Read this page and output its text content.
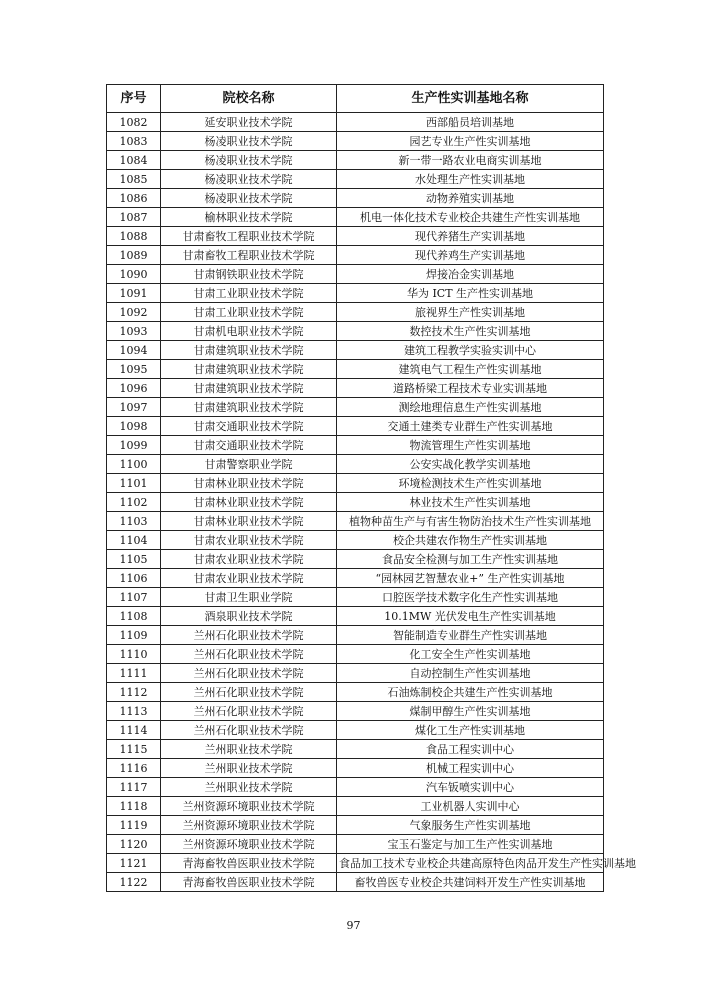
序号	院校名称	生产性实训基地名称
1082	延安职业技术学院	西部船员培训基地
1083	杨凌职业技术学院	园艺专业生产性实训基地
1084	杨凌职业技术学院	新一带一路农业电商实训基地
1085	杨凌职业技术学院	水处理生产性实训基地
1086	杨凌职业技术学院	动物养殖实训基地
1087	榆林职业技术学院	机电一体化技术专业校企共建生产性实训基地
1088	甘肃畜牧工程职业技术学院	现代养猪生产实训基地
1089	甘肃畜牧工程职业技术学院	现代养鸡生产实训基地
1090	甘肃钢铁职业技术学院	焊接冶金实训基地
1091	甘肃工业职业技术学院	华为 ICT 生产性实训基地
1092	甘肃工业职业技术学院	旅视界生产性实训基地
1093	甘肃机电职业技术学院	数控技术生产性实训基地
1094	甘肃建筑职业技术学院	建筑工程教学实验实训中心
1095	甘肃建筑职业技术学院	建筑电气工程生产性实训基地
1096	甘肃建筑职业技术学院	道路桥梁工程技术专业实训基地
1097	甘肃建筑职业技术学院	测绘地理信息生产性实训基地
1098	甘肃交通职业技术学院	交通土建类专业群生产性实训基地
1099	甘肃交通职业技术学院	物流管理生产性实训基地
1100	甘肃警察职业学院	公安实战化教学实训基地
1101	甘肃林业职业技术学院	环境检测技术生产性实训基地
1102	甘肃林业职业技术学院	林业技术生产性实训基地
1103	甘肃林业职业技术学院	植物种苗生产与有害生物防治技术生产性实训基地
1104	甘肃农业职业技术学院	校企共建农作物生产性实训基地
1105	甘肃农业职业技术学院	食品安全检测与加工生产性实训基地
1106	甘肃农业职业技术学院	“园林园艺智慧农业+” 生产性实训基地
1107	甘肃卫生职业学院	口腔医学技术数字化生产性实训基地
1108	酒泉职业技术学院	10.1MW 光伏发电生产性实训基地
1109	兰州石化职业技术学院	智能制造专业群生产性实训基地
1110	兰州石化职业技术学院	化工安全生产性实训基地
1111	兰州石化职业技术学院	自动控制生产性实训基地
1112	兰州石化职业技术学院	石油炼制校企共建生产性实训基地
1113	兰州石化职业技术学院	煤制甲醇生产性实训基地
1114	兰州石化职业技术学院	煤化工生产性实训基地
1115	兰州职业技术学院	食品工程实训中心
1116	兰州职业技术学院	机械工程实训中心
1117	兰州职业技术学院	汽车钣喷实训中心
1118	兰州资源环境职业技术学院	工业机器人实训中心
1119	兰州资源环境职业技术学院	气象服务生产性实训基地
1120	兰州资源环境职业技术学院	宝玉石鉴定与加工生产性实训基地
1121	青海畜牧兽医职业技术学院	食品加工技术专业校企共建高原特色肉品开发生产性实训基地
1122	青海畜牧兽医职业技术学院	畜牧兽医专业校企共建饲料开发生产性实训基地
97
